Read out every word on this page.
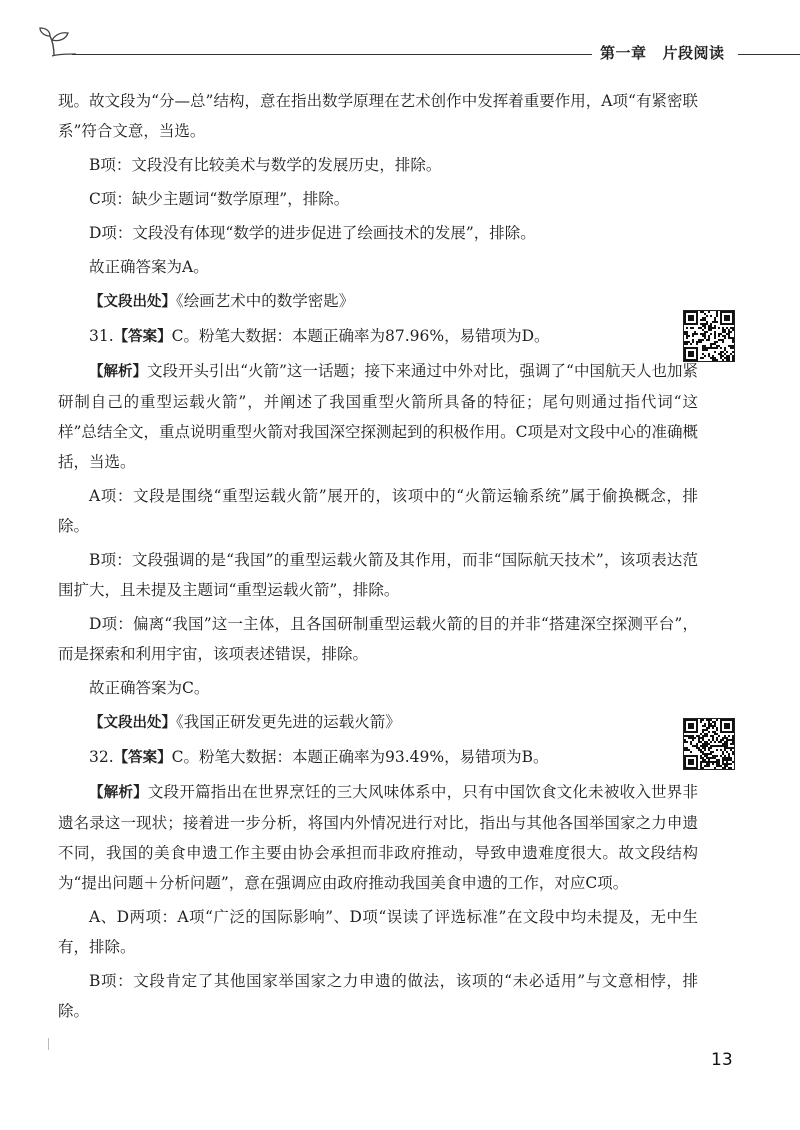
第一章 片段阅读

现。故文段为“分—总”结构，意在指出数学原理在艺术创作中发挥着重要作用，A项“有紧密联系”符合文意，当选。

B项：文段没有比较美术与数学的发展历史，排除。

C项：缺少主题词“数学原理”，排除。

D项：文段没有体现“数学的进步促进了绘画技术的发展”，排除。

故正确答案为A。

【文段出处】《绘画艺术中的数学密匙》

31.【答案】C。粉笔大数据：本题正确率为87.96%，易错项为D。

【解析】文段开头引出“火箭”这一话题；接下来通过中外对比，强调了“中国航天人也加紧研制自己的重型运载火箭”，并阐述了我国重型火箭所具备的特征；尾句则通过指代词“这样”总结全文，重点说明重型火箭对我国深空探测起到的积极作用。C项是对文段中心的准确概括，当选。

A项：文段是围绕“重型运载火箭”展开的，该项中的“火箭运输系统”属于偷换概念，排除。

B项：文段强调的是“我国”的重型运载火箭及其作用，而非“国际航天技术”，该项表达范围扩大，且未提及主题词“重型运载火箭”，排除。

D项：偏离“我国”这一主体，且各国研制重型运载火箭的目的并非“搭建深空探测平台”，而是探索和利用宇宙，该项表述错误，排除。

故正确答案为C。

【文段出处】《我国正研发更先进的运载火箭》

32.【答案】C。粉笔大数据：本题正确率为93.49%，易错项为B。

【解析】文段开篇指出在世界烹饪的三大风味体系中，只有中国饮食文化未被收入世界非遗名录这一现状；接着进一步分析，将国内外情况进行对比，指出与其他各国举国家之力申遗不同，我国的美食申遗工作主要由协会承担而非政府推动，导致申遗难度很大。故文段结构为“提出问题＋分析问题”，意在强调应由政府推动我国美食申遗的工作，对应C项。

A、D两项：A项“广泛的国际影响”、D项“误读了评选标准”在文段中均未提及，无中生有，排除。

B项：文段肯定了其他国家举国家之力申遗的做法，该项的“未必适用”与文意相悖，排除。

13
